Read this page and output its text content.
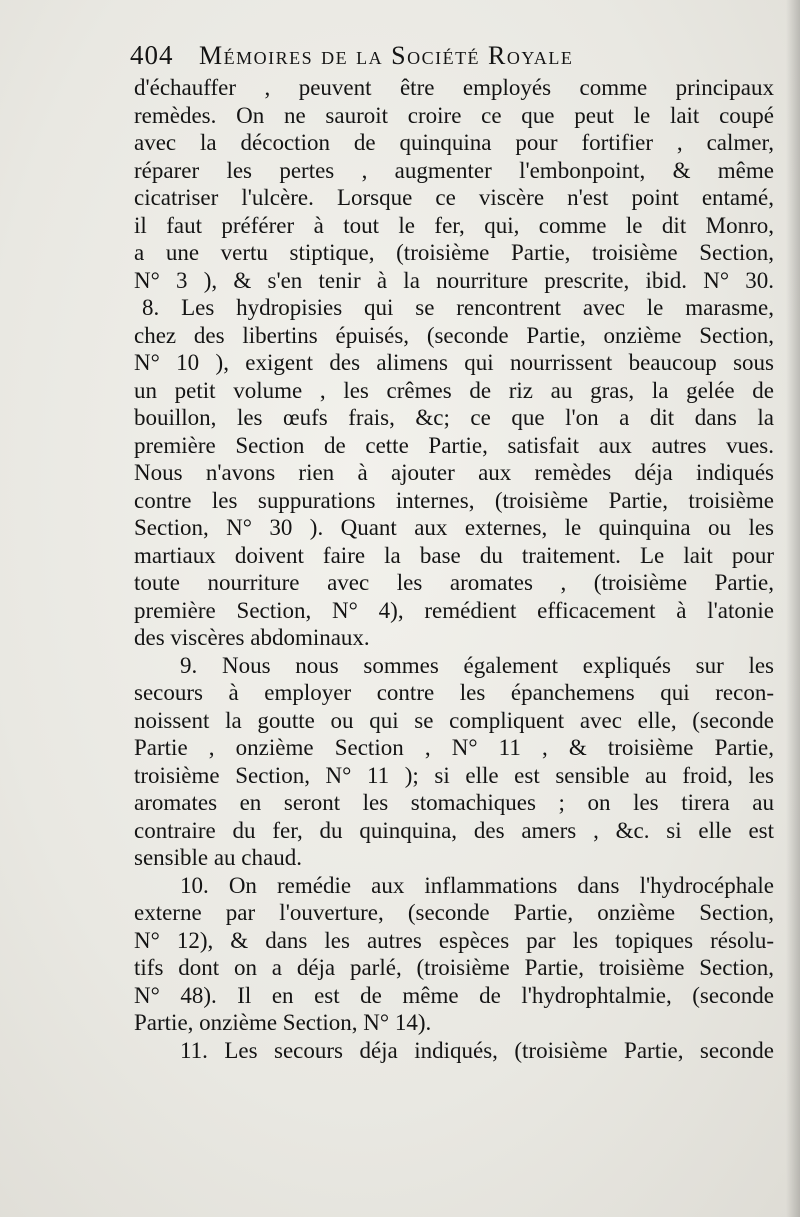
404 Mémoires de la Société Royale
d'échauffer , peuvent être employés comme principaux
remèdes. On ne sauroit croire ce que peut le lait coupé
avec la décoction de quinquina pour fortifier , calmer,
réparer les pertes , augmenter l'embonpoint, & même
cicatriser l'ulcère. Lorsque ce viscère n'est point entamé,
il faut préférer à tout le fer, qui, comme le dit Monro,
a une vertu stiptique, (troisième Partie, troisième Section,
N° 3 ), & s'en tenir à la nourriture prescrite, ibid. N° 30.
8. Les hydropisies qui se rencontrent avec le marasme,
chez des libertins épuisés, (seconde Partie, onzième Section,
N° 10 ), exigent des alimens qui nourrissent beaucoup sous
un petit volume , les crêmes de riz au gras, la gelée de
bouillon, les œufs frais, &c; ce que l'on a dit dans la
première Section de cette Partie, satisfait aux autres vues.
Nous n'avons rien à ajouter aux remèdes déja indiqués
contre les suppurations internes, (troisième Partie, troisième
Section, N° 30 ). Quant aux externes, le quinquina ou les
martiaux doivent faire la base du traitement. Le lait pour
toute nourriture avec les aromates , (troisième Partie,
première Section, N° 4), remédient efficacement à l'atonie
des viscères abdominaux.
9. Nous nous sommes également expliqués sur les
secours à employer contre les épanchemens qui recon-
noissent la goutte ou qui se compliquent avec elle, (seconde
Partie , onzième Section , N° 11 , & troisième Partie,
troisième Section, N° 11 ); si elle est sensible au froid, les
aromates en seront les stomachiques ; on les tirera au
contraire du fer, du quinquina, des amers , &c. si elle est
sensible au chaud.
10. On remédie aux inflammations dans l'hydrocéphale
externe par l'ouverture, (seconde Partie, onzième Section,
N° 12), & dans les autres espèces par les topiques résolu-
tifs dont on a déja parlé, (troisième Partie, troisième Section,
N° 48). Il en est de même de l'hydrophtalmie, (seconde
Partie, onzième Section, N° 14).
11. Les secours déja indiqués, (troisième Partie, seconde
